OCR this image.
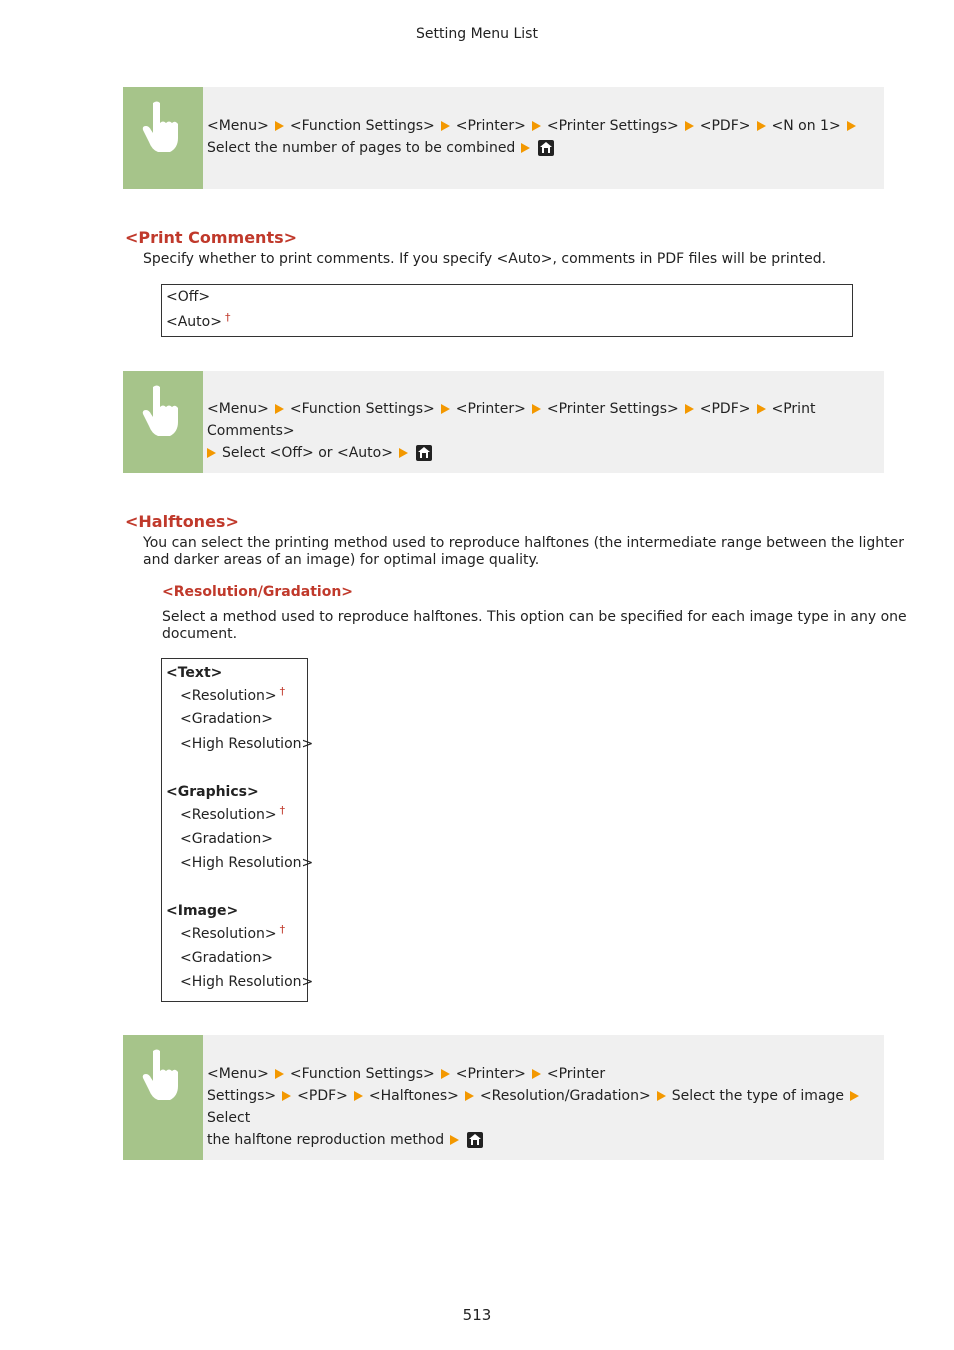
Setting Menu List
<Menu> <Function Settings> <Printer> <Printer Settings> <PDF> <N on 1>Select the number of pages to be combined
<Print Comments>
Specify whether to print comments. If you specify <Auto>, comments in PDF files will be printed.
<Off>
<Auto> †
<Menu> <Function Settings> <Printer> <Printer Settings> <PDF> <Print Comments>
Select <Off> or <Auto>
<Halftones>
You can select the printing method used to reproduce halftones (the intermediate range between the lighter
and darker areas of an image) for optimal image quality.
<Resolution/Gradation>
Select a method used to reproduce halftones. This option can be specified for each image type in any one
document.
<Text>
<Resolution> †
<Gradation>
<High Resolution>
<Graphics>
<Resolution> †
<Gradation>
<High Resolution>
<Image>
<Resolution> †
<Gradation>
<High Resolution>
<Menu> <Function Settings> <Printer> <Printer
Settings> <PDF> <Halftones> <Resolution/Gradation> Select the type of imageSelect
the halftone reproduction method
513
